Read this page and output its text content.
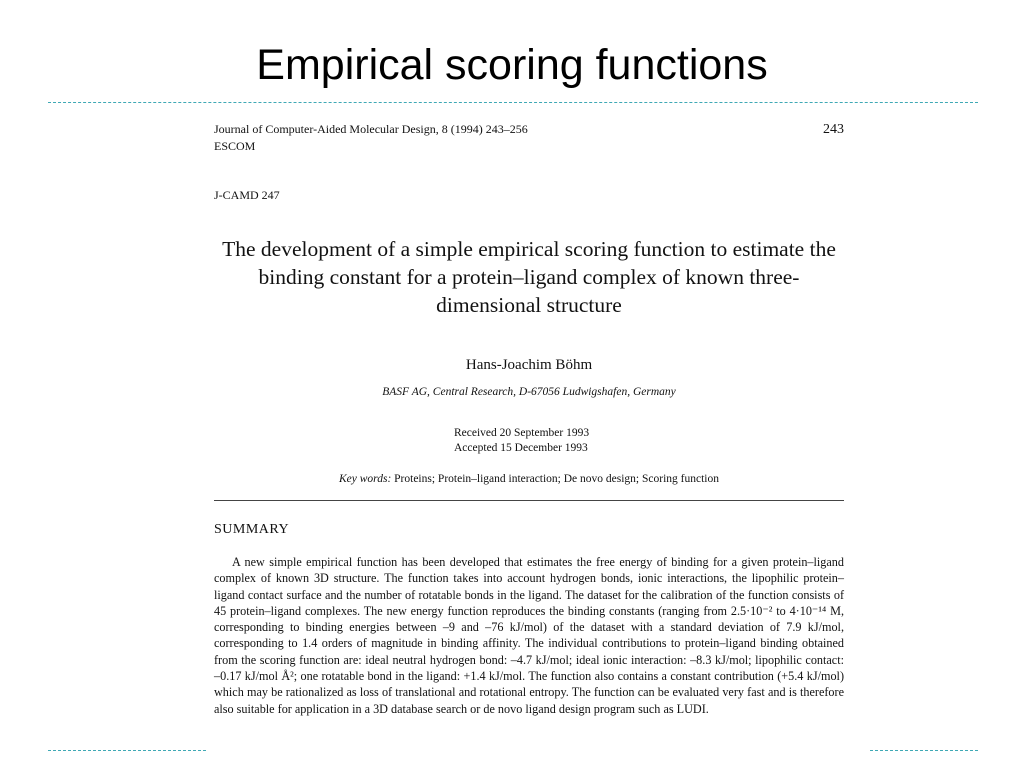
Empirical scoring functions
Journal of Computer-Aided Molecular Design, 8 (1994) 243–256
ESCOM
243
J-CAMD 247
The development of a simple empirical scoring function to estimate the binding constant for a protein–ligand complex of known three-dimensional structure
Hans-Joachim Böhm
BASF AG, Central Research, D-67056 Ludwigshafen, Germany
Received 20 September 1993
Accepted 15 December 1993
Key words: Proteins; Protein–ligand interaction; De novo design; Scoring function
SUMMARY
A new simple empirical function has been developed that estimates the free energy of binding for a given protein–ligand complex of known 3D structure. The function takes into account hydrogen bonds, ionic interactions, the lipophilic protein–ligand contact surface and the number of rotatable bonds in the ligand. The dataset for the calibration of the function consists of 45 protein–ligand complexes. The new energy function reproduces the binding constants (ranging from 2.5·10⁻² to 4·10⁻¹⁴ M, corresponding to binding energies between –9 and –76 kJ/mol) of the dataset with a standard deviation of 7.9 kJ/mol, corresponding to 1.4 orders of magnitude in binding affinity. The individual contributions to protein–ligand binding obtained from the scoring function are: ideal neutral hydrogen bond: –4.7 kJ/mol; ideal ionic interaction: –8.3 kJ/mol; lipophilic contact: –0.17 kJ/mol Å²; one rotatable bond in the ligand: +1.4 kJ/mol. The function also contains a constant contribution (+5.4 kJ/mol) which may be rationalized as loss of translational and rotational entropy. The function can be evaluated very fast and is therefore also suitable for application in a 3D database search or de novo ligand design program such as LUDI.
